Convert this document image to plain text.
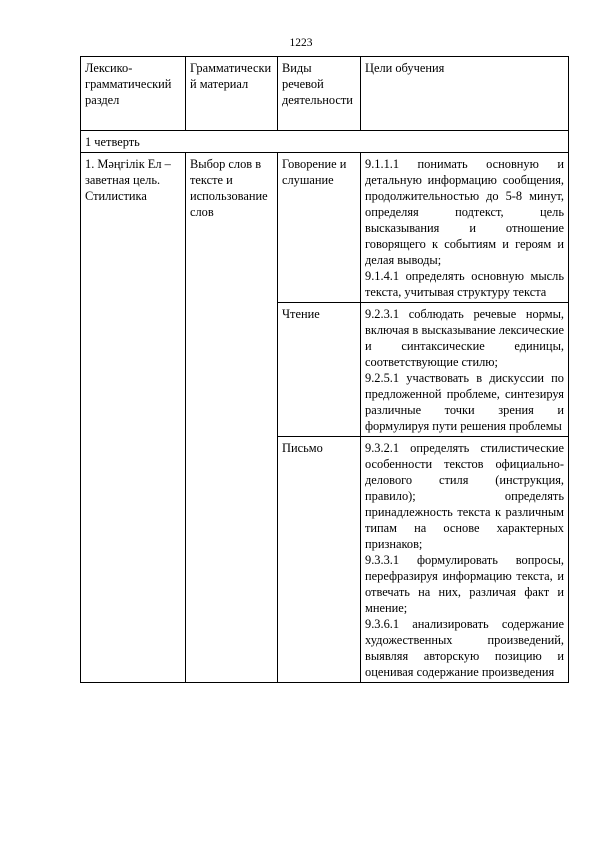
1223
Лексико-грамматический раздел	Грамматический материал	Виды речевой деятельности	Цели обучения
1 четверть			
1. Мәңгілік Ел – заветная цель. Стилистика	Выбор слов в тексте и использование слов	Говорение и слушание	9.1.1.1 понимать основную и детальную информацию сообщения, продолжительностью до 5-8 минут, определяя подтекст, цель высказывания и отношение говорящего к событиям и героям и делая выводы;
9.1.4.1 определять основную мысль текста, учитывая структуру текста

		Чтение	9.2.3.1 соблюдать речевые нормы, включая в высказывание лексические и синтаксические единицы, соответствующие стилю;
9.2.5.1 участвовать в дискуссии по предложенной проблеме, синтезируя различные точки зрения и формулируя пути решения проблемы

		Письмо	9.3.2.1 определять стилистические особенности текстов официально-делового стиля (инструкция, правило); определять принадлежность текста к различным типам на основе характерных признаков;
9.3.3.1 формулировать вопросы, перефразируя информацию текста, и отвечать на них, различая факт и мнение;
9.3.6.1 анализировать содержание художественных произведений, выявляя авторскую позицию и оценивая содержание произведения
